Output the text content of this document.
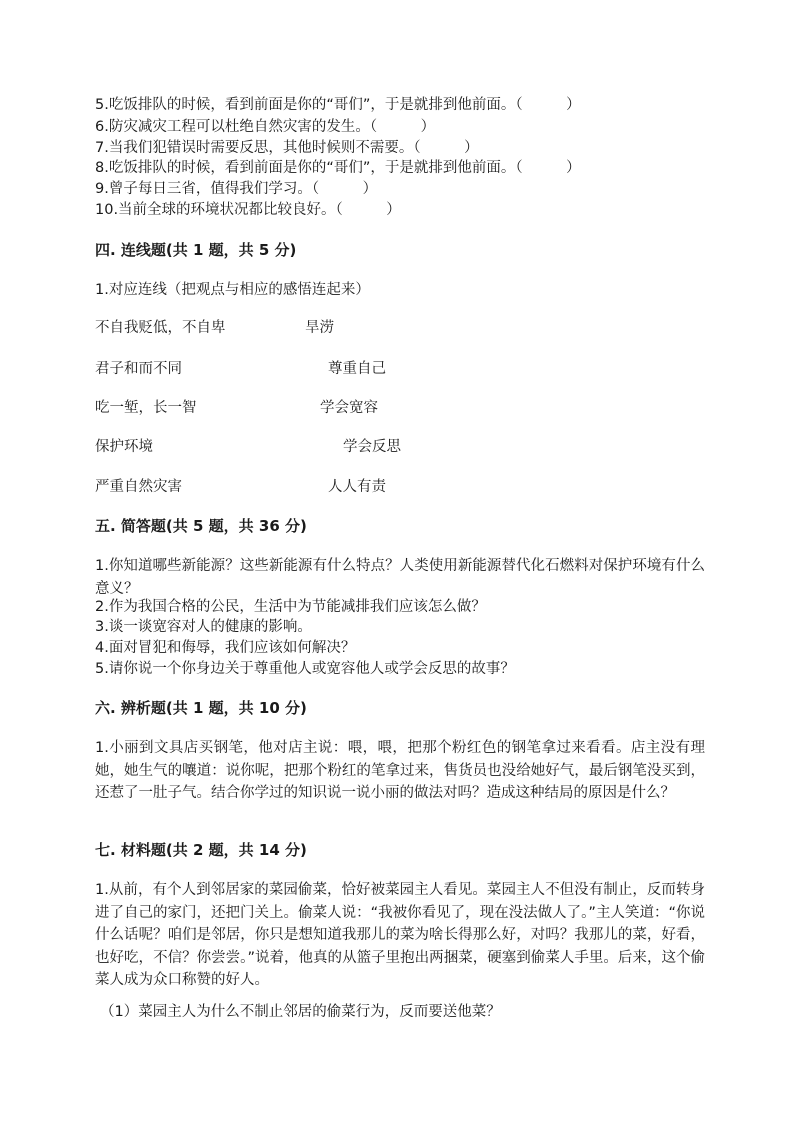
5.吃饭排队的时候，看到前面是你的“哥们”，于是就排到他前面。（　　　）
6.防灾减灾工程可以杜绝自然灾害的发生。（　　　）
7.当我们犯错误时需要反思，其他时候则不需要。（　　　）
8.吃饭排队的时候，看到前面是你的“哥们”，于是就排到他前面。（　　　）
9.曾子每日三省，值得我们学习。（　　　）
10.当前全球的环境状况都比较良好。（　　　）
四. 连线题(共 1 题，共 5 分)
1.对应连线（把观点与相应的感悟连起来）
不自我贬低，不自卑	旱涝
君子和而不同	尊重自己
吃一堑，长一智	学会宽容
保护环境	学会反思
严重自然灾害	人人有责
五. 简答题(共 5 题，共 36 分)
1.你知道哪些新能源？这些新能源有什么特点？人类使用新能源替代化石燃料对保护环境有什么意义？
2.作为我国合格的公民，生活中为节能减排我们应该怎么做？
3.谈一谈宽容对人的健康的影响。
4.面对冒犯和侮辱，我们应该如何解决？
5.请你说一个你身边关于尊重他人或宽容他人或学会反思的故事？
六. 辨析题(共 1 题，共 10 分)
1.小丽到文具店买钢笔，他对店主说：喂，喂，把那个粉红色的钢笔拿过来看看。店主没有理她，她生气的嚷道：说你呢，把那个粉红的笔拿过来，售货员也没给她好气，最后钢笔没买到，还惹了一肚子气。结合你学过的知识说一说小丽的做法对吗？造成这种结局的原因是什么？
七. 材料题(共 2 题，共 14 分)
1.从前，有个人到邻居家的菜园偷菜，恰好被菜园主人看见。菜园主人不但没有制止，反而转身进了自己的家门，还把门关上。偷菜人说：“我被你看见了，现在没法做人了。”主人笑道：“你说什么话呢？咱们是邻居，你只是想知道我那儿的菜为啥长得那么好，对吗？我那儿的菜，好看，也好吃，不信？你尝尝。”说着，他真的从篮子里抱出两捆菜，硬塞到偷菜人手里。后来，这个偷菜人成为众口称赞的好人。
（1）菜园主人为什么不制止邻居的偷菜行为，反而要送他菜？
